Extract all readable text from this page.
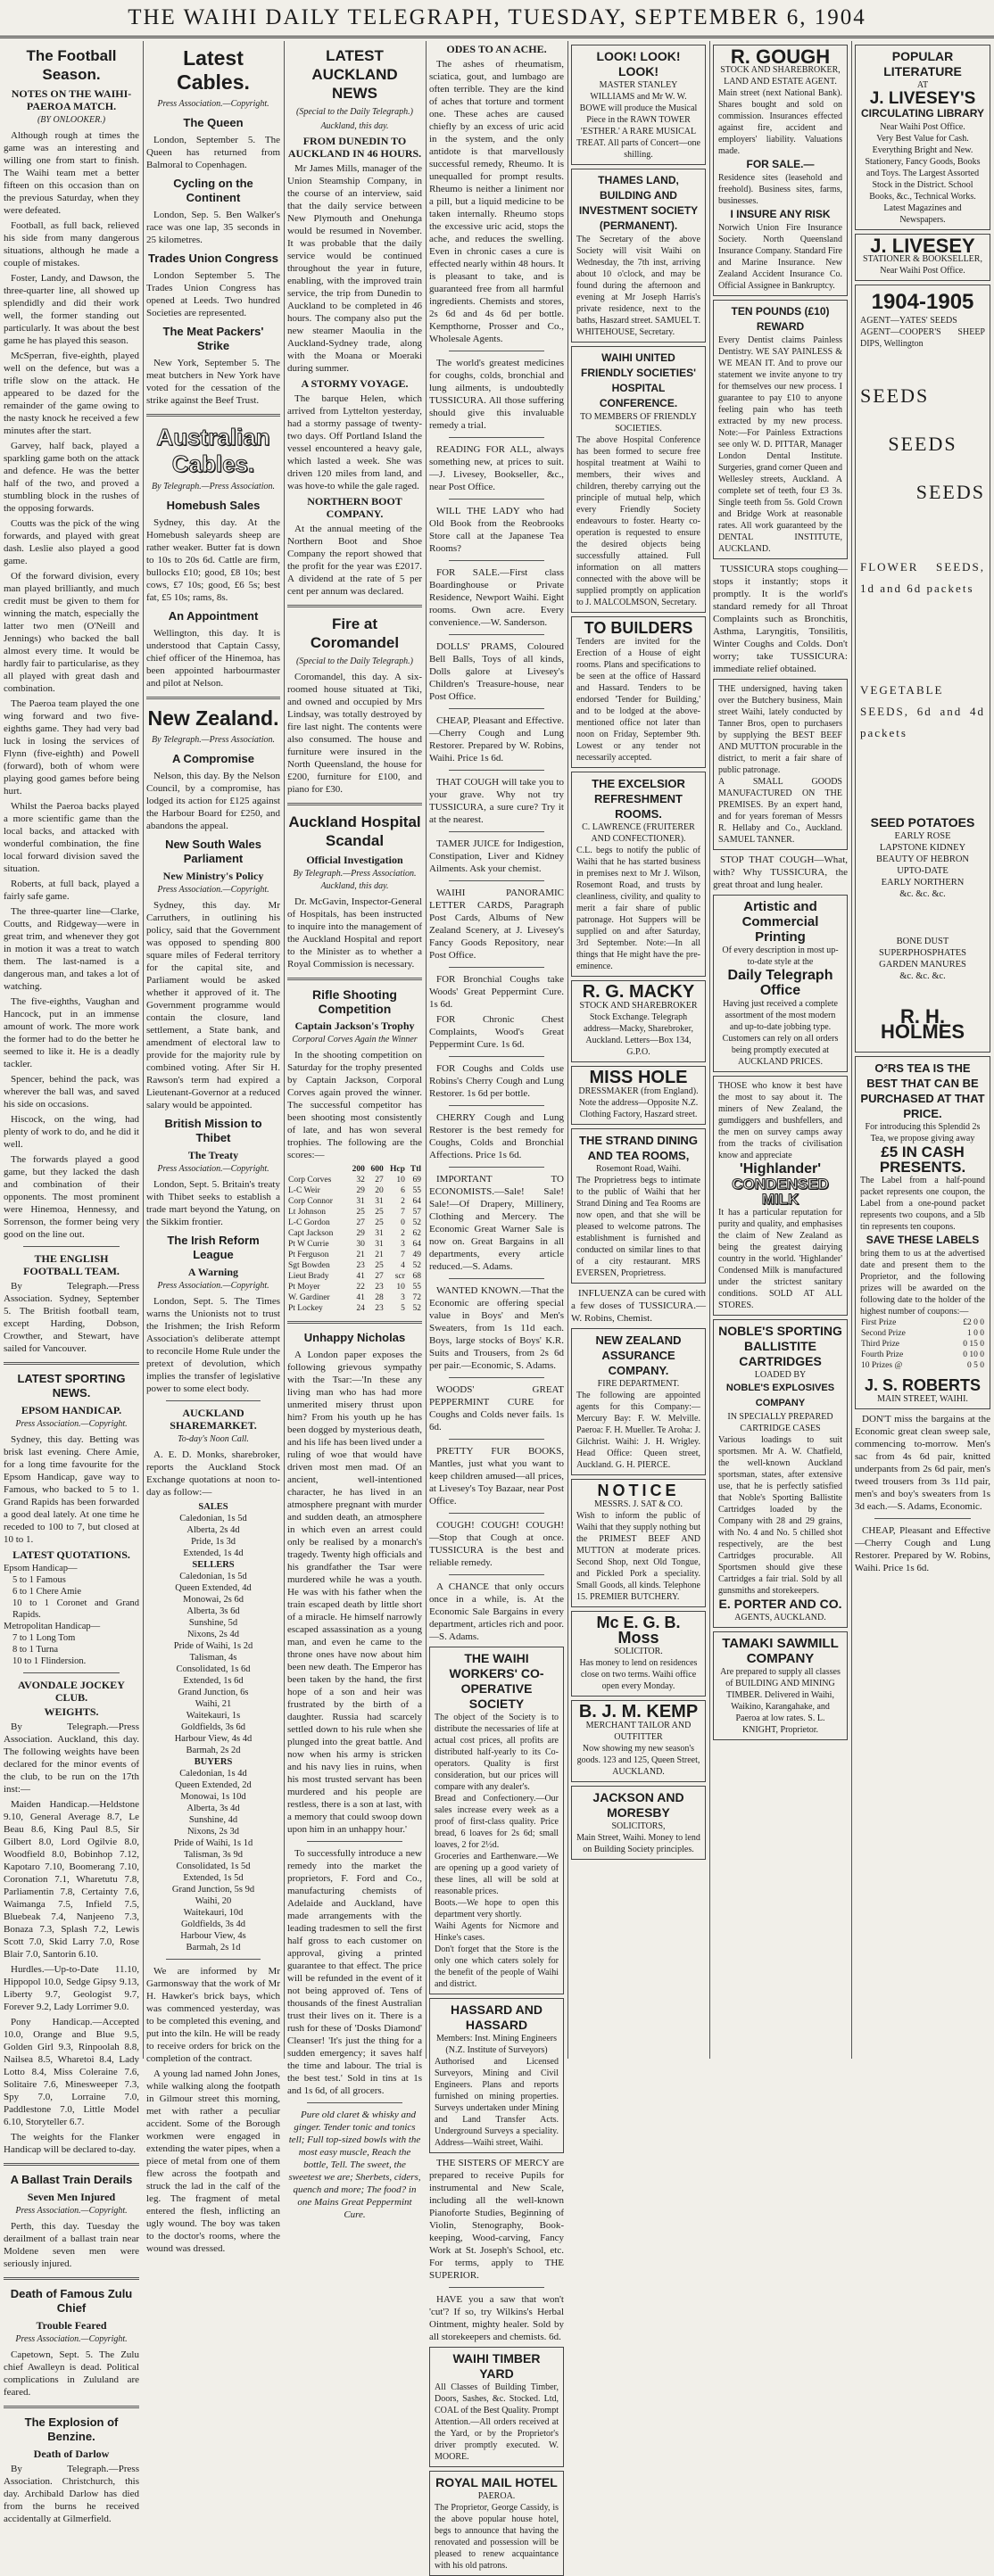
THE WAIHI DAILY TELEGRAPH, TUESDAY, SEPTEMBER 6, 1904
The Football Season.
NOTES ON THE WAIHI-PAEROA MATCH.
(BY ONLOOKER.)
Although rough at times the game was an interesting and willing one from start to finish. The Waihi team met a better fifteen on this occasion than on the previous Saturday, when they were defeated.
Football, as full back, relieved his side from many dangerous situations, although he made a couple of mistakes.
Foster, Landy, and Dawson, the three-quarter line, all showed up splendidly and did their work well, the former standing out particularly. It was about the best game he has played this season.
McSperran, five-eighth, played well on the defence, but was a trifle slow on the attack. He appeared to be dazed for the remainder of the game owing to the nasty knock he received a few minutes after the start.
Garvey, half back, played a sparkling game both on the attack and defence. He was the better half of the two, and proved a stumbling block in the rushes of the opposing forwards.
Coutts was the pick of the wing forwards, and played with great dash. Leslie also played a good game.
Of the forward division, every man played brilliantly, and much credit must be given to them for winning the match, especially the latter two men (O'Neill and Jennings) who backed the ball almost every time. It would be hardly fair to particularise, as they all played with great dash and combination.
The Paeroa team played the one wing forward and two five-eighths game. They had very bad luck in losing the services of Flynn (five-eighth) and Powell (forward), both of whom were playing good games before being hurt.
Whilst the Paeroa backs played a more scientific game than the local backs, and attacked with wonderful combination, the fine local forward division saved the situation.
Roberts, at full back, played a fairly safe game.
The three-quarter line—Clarke, Coutts, and Ridgeway—were in great trim, and whenever they got in motion it was a treat to watch them. The last-named is a dangerous man, and takes a lot of watching.
The five-eighths, Vaughan and Hancock, put in an immense amount of work. The more work the former had to do the better he seemed to like it. He is a deadly tackler.
Spencer, behind the pack, was wherever the ball was, and saved his side on occasions.
Hiscock, on the wing, had plenty of work to do, and he did it well.
The forwards played a good game, but they lacked the dash and combination of their opponents. The most prominent were Hinemoa, Hennessy, and Sorrenson, the former being very good on the line out.
THE ENGLISH FOOTBALL TEAM.
By Telegraph.—Press Association. Sydney, September 5. The British football team, except Harding, Dobson, Crowther, and Stewart, have sailed for Vancouver.
LATEST SPORTING NEWS.
EPSOM HANDICAP.
Press Association.—Copyright.
Sydney, this day. Betting was brisk last evening. Chere Amie, for a long time favourite for the Epsom Handicap, gave way to Famous, who backed to 5 to 1. Grand Rapids has been forwarded a good deal lately. At one time he receded to 100 to 7, but closed at 10 to 1.
LATEST QUOTATIONS.
Epsom Handicap—
5 to 1 Famous
6 to 1 Chere Amie
10 to 1 Coronet and Grand Rapids.
Metropolitan Handicap—
7 to 1 Long Tom
8 to 1 Turna
10 to 1 Flindersion.
AVONDALE JOCKEY CLUB.
WEIGHTS.
By Telegraph.—Press Association. Auckland, this day. The following weights have been declared for the minor events of the club, to be run on the 17th inst:—
Maiden Handicap.—Heldstone 9.10, General Average 8.7, Le Beau 8.6, King Paul 8.5, Sir Gilbert 8.0, Lord Ogilvie 8.0, Woodfield 8.0, Bobinhop 7.12, Kapotaro 7.10, Boomerang 7.10, Coronation 7.1, Wharetutu 7.8, Parliamentin 7.8, Certainty 7.6, Waimanga 7.5, Infield 7.5, Bluebeak 7.4, Nanjeeno 7.3, Bonaza 7.3, Splash 7.2, Lewis Scott 7.0, Skid Larry 7.0, Rose Blair 7.0, Santorin 6.10.
Hurdles.—Up-to-Date 11.10, Hippopol 10.0, Sedge Gipsy 9.13, Liberty 9.7, Geologist 9.7, Forever 9.2, Lady Lorrimer 9.0.
Pony Handicap.—Accepted 10.0, Orange and Blue 9.5, Golden Girl 9.3, Rinpoolah 8.8, Nailsea 8.5, Wharetoi 8.4, Lady Lotto 8.4, Miss Coleraine 7.6, Solitaire 7.6, Minesweeper 7.3, Spy 7.0, Lorraine 7.0, Paddlestone 7.0, Little Model 6.10, Storyteller 6.7.
The weights for the Flanker Handicap will be declared to-day.
A Ballast Train Derails
Seven Men Injured
Press Association.—Copyright.
Perth, this day. Tuesday the derailment of a ballast train near Moldene seven men were seriously injured.
Death of Famous Zulu Chief
Trouble Feared
Press Association.—Copyright.
Capetown, Sept. 5. The Zulu chief Awalleyn is dead. Political complications in Zululand are feared.
The Explosion of Benzine.
Death of Darlow
By Telegraph.—Press Association. Christchurch, this day. Archibald Darlow has died from the burns he received accidentally at Gilmerfield.
Latest Cables.
Press Association.—Copyright.
The Queen
London, September 5. The Queen has returned from Balmoral to Copenhagen.
Cycling on the Continent
London, Sep. 5. Ben Walker's race was one lap, 35 seconds in 25 kilometres.
Trades Union Congress
London September 5. The Trades Union Congress has opened at Leeds. Two hundred Societies are represented.
The Meat Packers' Strike
New York, September 5. The meat butchers in New York have voted for the cessation of the strike against the Beef Trust.
Australian Cables.
By Telegraph.—Press Association.
Homebush Sales
Sydney, this day. At the Homebush saleyards sheep are rather weaker. Butter fat is down to 10s to 20s 6d. Cattle are firm, bullocks £10; good, £8 10s; best cows, £7 10s; good, £6 5s; best fat, £5 10s; rams, 8s.
An Appointment
Wellington, this day. It is understood that Captain Cassy, chief officer of the Hinemoa, has been appointed harbourmaster and pilot at Nelson.
New Zealand.
By Telegraph.—Press Association.
A Compromise
Nelson, this day. By the Nelson Council, by a compromise, has lodged its action for £125 against the Harbour Board for £250, and abandons the appeal.
New South Wales Parliament
New Ministry's Policy
Press Association.—Copyright.
Sydney, this day. Mr Carruthers, in outlining his policy, said that the Government was opposed to spending 800 square miles of Federal territory for the capital site, and Parliament would be asked whether it approved of it. The Government programme would contain the closure, land settlement, a State bank, and amendment of electoral law to provide for the majority rule by combined voting. After Sir H. Rawson's term had expired a Lieutenant-Governor at a reduced salary would be appointed.
British Mission to Thibet
The Treaty
Press Association.—Copyright.
London, Sept. 5. Britain's treaty with Thibet seeks to establish a trade mart beyond the Yatung, on the Sikkim frontier.
The Irish Reform League
A Warning
Press Association.—Copyright.
London, Sept. 5. The Times warns the Unionists not to trust the Irishmen; the Irish Reform Association's deliberate attempt to reconcile Home Rule under the pretext of devolution, which implies the transfer of legislative power to some elect body.
AUCKLAND SHAREMARKET.
To-day's Noon Call.
A. E. D. Monks, sharebroker, reports the Auckland Stock Exchange quotations at noon to-day as follow:—
SALES
Caledonian, 1s 5d
Alberta, 2s 4d
Pride, 1s 3d
Extended, 1s 4d
SELLERS
Caledonian, 1s 5d
Queen Extended, 4d
Monowai, 2s 6d
Alberta, 3s 6d
Sunshine, 5d
Nixons, 2s 4d
Pride of Waihi, 1s 2d
Talisman, 4s
Consolidated, 1s 6d
Extended, 1s 6d
Grand Junction, 6s
Waihi, 21
Waitekauri, 1s
Goldfields, 3s 6d
Harbour View, 4s 4d
Barmah, 2s 2d
BUYERS
Caledonian, 1s 4d
Queen Extended, 2d
Monowai, 1s 10d
Alberta, 3s 4d
Sunshine, 4d
Nixons, 2s 3d
Pride of Waihi, 1s 1d
Talisman, 3s 9d
Consolidated, 1s 5d
Extended, 1s 5d
Grand Junction, 5s 9d
Waihi, 20
Waitekauri, 10d
Goldfields, 3s 4d
Harbour View, 4s
Barmah, 2s 1d
We are informed by Mr Garmonsway that the work of Mr H. Hawker's brick bays, which was commenced yesterday, was to be completed this evening, and put into the kiln. He will be ready to receive orders for brick on the completion of the contract.
A young lad named John Jones, while walking along the footpath in Gilmour street this morning, met with rather a peculiar accident. Some of the Borough workmen were engaged in extending the water pipes, when a piece of metal from one of them flew across the footpath and struck the lad in the calf of the leg. The fragment of metal entered the flesh, inflicting an ugly wound. The boy was taken to the doctor's rooms, where the wound was dressed.
LATEST AUCKLAND NEWS
(Special to the Daily Telegraph.)
Auckland, this day.
FROM DUNEDIN TO AUCKLAND IN 46 HOURS.
Mr James Mills, manager of the Union Steamship Company, in the course of an interview, said that the daily service between New Plymouth and Onehunga would be resumed in November. It was probable that the daily service would be continued throughout the year in future, enabling, with the improved train service, the trip from Dunedin to Auckland to be completed in 46 hours. The company also put the new steamer Maoulia in the Auckland-Sydney trade, along with the Moana or Moeraki during summer.
A STORMY VOYAGE.
The barque Helen, which arrived from Lyttelton yesterday, had a stormy passage of twenty-two days. Off Portland Island the vessel encountered a heavy gale, which lasted a week. She was driven 120 miles from land, and was hove-to while the gale raged.
NORTHERN BOOT COMPANY.
At the annual meeting of the Northern Boot and Shoe Company the report showed that the profit for the year was £2017. A dividend at the rate of 5 per cent per annum was declared.
Fire at Coromandel
(Special to the Daily Telegraph.)
Coromandel, this day. A six-roomed house situated at Tiki, and owned and occupied by Mrs Lindsay, was totally destroyed by fire last night. The contents were also consumed. The house and furniture were insured in the North Queensland, the house for £200, furniture for £100, and piano for £30.
Auckland Hospital Scandal
Official Investigation
By Telegraph.—Press Association. Auckland, this day.
Dr. McGavin, Inspector-General of Hospitals, has been instructed to inquire into the management of the Auckland Hospital and report to the Minister as to whether a Royal Commission is necessary.
Rifle Shooting Competition
Captain Jackson's Trophy
Corporal Corves Again the Winner
In the shooting competition on Saturday for the trophy presented by Captain Jackson, Corporal Corves again proved the winner. The successful competitor has been shooting most consistently of late, and has won several trophies. The following are the scores:—
	200	600	Hcp	Ttl
Corp Corves	32	27	10	69
L-C Weir	29	20	6	55
Corp Connor	31	31	2	64
Lt Johnson	25	25	7	57
L-C Gordon	27	25	0	52
Capt Jackson	29	31	2	62
Pt W Currie	30	31	3	64
Pt Ferguson	21	21	7	49
Sgt Bowden	23	25	4	52
Lieut Brady	41	27	scr	68
Pt Moyer	22	23	10	55
W. Gardiner	41	28	3	72
Pt Lockey	24	23	5	52
Unhappy Nicholas
A London paper exposes the following grievous sympathy with the Tsar:—'In these any living man who has had more unmerited misery thrust upon him? From his youth up he has been dogged by mysterious death, and his life has been lived under a ruling of woe that would have driven most men mad. Of an ancient, well-intentioned character, he has lived in an atmosphere pregnant with murder and sudden death, an atmosphere in which even an arrest could only be realised by a monarch's tragedy. Twenty high officials and his grandfather the Tsar were murdered while he was a youth. He was with his father when the train escaped death by little short of a miracle. He himself narrowly escaped assassination as a young man, and even he came to the throne ones have now about him been new death. The Emperor has been taken by the hand, the first hope of a son and heir was frustrated by the birth of a daughter. Russia had scarcely settled down to his rule when she plunged into the great battle. And now when his army is stricken and his navy lies in ruins, when his most trusted servant has been murdered and his people are restless, there is a son at last, with a memory that could swoop down upon him in an unhappy hour.'
To successfully introduce a new remedy into the market the proprietors, F. Ford and Co., manufacturing chemists of Adelaide and Auckland, have made arrangements with the leading tradesmen to sell the first half gross to each customer on approval, giving a printed guarantee to that effect. The price will be refunded in the event of it not being approved of. Tens of thousands of the finest Australian trust their lives on it. There is a rush for these of 'Dosks Diamond' Cleanser! 'It's just the thing for a sudden emergency; it saves half the time and labour. The trial is the best test.' Sold in tins at 1s and 1s 6d, of all grocers.
Pure old claret & whisky and ginger. Tender tonic and tonics tell; Full top-sized bowls with the most easy muscle, Reach the bottle, Tell. The sweet, the sweetest we are; Sherbets, ciders, quench and more; The food? in one Mains Great Peppermint Cure.
ODES TO AN ACHE.
The ashes of rheumatism, sciatica, gout, and lumbago are often terrible. They are the kind of aches that torture and torment one. These aches are caused chiefly by an excess of uric acid in the system, and the only antidote is that marvellously successful remedy, Rheumo. It is unequalled for prompt results. Rheumo is neither a liniment nor a pill, but a liquid medicine to be taken internally. Rheumo stops the excessive uric acid, stops the ache, and reduces the swelling. Even in chronic cases a cure is effected nearly within 48 hours. It is pleasant to take, and is guaranteed free from all harmful ingredients. Chemists and stores, 2s 6d and 4s 6d per bottle. Kempthorne, Prosser and Co., Wholesale Agents.
The world's greatest medicines for coughs, colds, bronchial and lung ailments, is undoubtedly TUSSICURA. All those suffering should give this invaluable remedy a trial.
READING FOR ALL, always something new, at prices to suit.—J. Livesey, Bookseller, &c., near Post Office.
WILL THE LADY who had Old Book from the Reobrooks Store call at the Japanese Tea Rooms?
FOR SALE.—First class Boardinghouse or Private Residence, Newport Waihi. Eight rooms. Own acre. Every convenience.—W. Sanderson.
DOLLS' PRAMS, Coloured Bell Balls, Toys of all kinds, Dolls galore at Livesey's Children's Treasure-house, near Post Office.
CHEAP, Pleasant and Effective.—Cherry Cough and Lung Restorer. Prepared by W. Robins, Waihi. Price 1s 6d.
THAT COUGH will take you to your grave. Why not try TUSSICURA, a sure cure? Try it at the nearest.
TAMER JUICE for Indigestion, Constipation, Liver and Kidney Ailments. Ask your chemist.
WAIHI PANORAMIC LETTER CARDS, Paragraph Post Cards, Albums of New Zealand Scenery, at J. Livesey's Fancy Goods Repository, near Post Office.
FOR Bronchial Coughs take Woods' Great Peppermint Cure. 1s 6d.
FOR Chronic Chest Complaints, Wood's Great Peppermint Cure. 1s 6d.
FOR Coughs and Colds use Robins's Cherry Cough and Lung Restorer. 1s 6d per bottle.
CHERRY Cough and Lung Restorer is the best remedy for Coughs, Colds and Bronchial Affections. Price 1s 6d.
IMPORTANT TO ECONOMISTS.—Sale! Sale! Sale!—Of Drapery, Millinery, Clothing and Mercery. The Economic Great Warner Sale is now on. Great Bargains in all departments, every article reduced.—S. Adams.
WANTED KNOWN.—That the Economic are offering special value in Boys' and Men's Sweaters, from 1s 11d each. Boys, large stocks of Boys' K.R. Suits and Trousers, from 2s 6d per pair.—Economic, S. Adams.
WOODS' GREAT PEPPERMINT CURE for Coughs and Colds never fails. 1s 6d.
PRETTY FUR BOOKS, Mantles, just what you want to keep children amused—all prices, at Livesey's Toy Bazaar, near Post Office.
COUGH! COUGH! COUGH!—Stop that Cough at once. TUSSICURA is the best and reliable remedy.
A CHANCE that only occurs once in a while, is. At the Economic Sale Bargains in every department, articles rich and poor.—S. Adams.
THE WAIHI WORKERS' CO-OPERATIVE SOCIETY
The object of the Society is to distribute the necessaries of life at actual cost prices, all profits are distributed half-yearly to its Co-operators. Quality is first consideration, but our prices will compare with any dealer's.
Bread and Confectionery.—Our sales increase every week as a proof of first-class quality. Price bread, 6 loaves for 2s 6d; small loaves, 2 for 2½d.
Groceries and Earthenware.—We are opening up a good variety of these lines, all will be sold at reasonable prices.
Boots.—We hope to open this department very shortly.
Waihi Agents for Nicmore and Hinke's cases.
Don't forget that the Store is the only one which caters solely for the benefit of the people of Waihi and district.
HASSARD AND HASSARD
Members: Inst. Mining Engineers (N.Z. Institute of Surveyors)
Authorised and Licensed Surveyors, Mining and Civil Engineers. Plans and reports furnished on mining properties. Surveys undertaken under Mining and Land Transfer Acts. Underground Surveys a speciality. Address—Waihi street, Waihi.
THE SISTERS OF MERCY are prepared to receive Pupils for instrumental and New Scale, including all the well-known Pianoforte Studies, Beginning of Violin, Stenography, Book-keeping, Wood-carving, Fancy Work at St. Joseph's School, etc. For terms, apply to THE SUPERIOR.
HAVE you a saw that won't 'cut'? If so, try Wilkins's Herbal Ointment, mighty healer. Sold by all storekeepers and chemists. 6d.
WAIHI TIMBER YARD
All Classes of Building Timber, Doors, Sashes, &c. Stocked. Ltd, COAL of the Best Quality. Prompt Attention.—All orders received at the Yard, or by the Proprietor's driver promptly executed. W. MOORE.
ROYAL MAIL HOTEL
PAEROA.
The Proprietor, George Cassidy, is the above popular house hotel, begs to announce that having the renovated and possession will be pleased to renew acquaintance with his old patrons.
LOOK! LOOK! LOOK!
MASTER STANLEY WILLIAMS and Mr W. W. BOWE will produce the Musical Piece in the RAWN TOWER 'ESTHER.' A RARE MUSICAL TREAT. All parts of Concert—one shilling.
THAMES LAND, BUILDING AND INVESTMENT SOCIETY (PERMANENT).
The Secretary of the above Society will visit Waihi on Wednesday, the 7th inst, arriving about 10 o'clock, and may be found during the afternoon and evening at Mr Joseph Harris's private residence, next to the baths, Haszard street. SAMUEL T. WHITEHOUSE, Secretary.
WAIHI UNITED FRIENDLY SOCIETIES' HOSPITAL CONFERENCE.
TO MEMBERS OF FRIENDLY SOCIETIES.
The above Hospital Conference has been formed to secure free hospital treatment at Waihi to members, their wives and children, thereby carrying out the principle of mutual help, which every Friendly Society endeavours to foster. Hearty co-operation is requested to ensure the desired objects being successfully attained. Full information on all matters connected with the above will be supplied promptly on application to J. MALCOLMSON, Secretary.
TO BUILDERS
Tenders are invited for the Erection of a House of eight rooms. Plans and specifications to be seen at the office of Hassard and Hassard. Tenders to be endorsed 'Tender for Building,' and to be lodged at the above-mentioned office not later than noon on Friday, September 9th. Lowest or any tender not necessarily accepted.
THE EXCELSIOR REFRESHMENT ROOMS.
C. LAWRENCE (FRUITERER AND CONFECTIONER).
C.L. begs to notify the public of Waihi that he has started business in premises next to Mr J. Wilson, Rosemont Road, and trusts by cleanliness, civility, and quality to merit a fair share of public patronage. Hot Suppers will be supplied on and after Saturday, 3rd September. Note:—In all things that He might have the pre-eminence.
R. G. MACKY
STOCK AND SHAREBROKER
Stock Exchange. Telegraph address—Macky, Sharebroker, Auckland. Letters—Box 134, G.P.O.
MISS HOLE
DRESSMAKER (from England).
Note the address—Opposite N.Z. Clothing Factory, Haszard street.
THE STRAND DINING AND TEA ROOMS,
Rosemont Road, Waihi.
The Proprietress begs to intimate to the public of Waihi that her Strand Dining and Tea Rooms are now open, and that she will be pleased to welcome patrons. The establishment is furnished and conducted on similar lines to that of a city restaurant. MRS EVERSEN, Proprietress.
INFLUENZA can be cured with a few doses of TUSSICURA.—W. Robins, Chemist.
NEW ZEALAND ASSURANCE COMPANY.
FIRE DEPARTMENT.
The following are appointed agents for this Company:— Mercury Bay: F. W. Melville. Paeroa: F. H. Mueller. Te Aroha: J. Gilchrist. Waihi: J. H. Wrigley. Head Office: Queen street, Auckland. G. H. PIERCE.
NOTICE
MESSRS. J. SAT & CO.
Wish to inform the public of Waihi that they supply nothing but the PRIMEST BEEF AND MUTTON at moderate prices. Second Shop, next Old Tongue, and Pickled Pork a speciality. Small Goods, all kinds. Telephone 15. PREMIER BUTCHERY.
Mc E. G. B. Moss
SOLICITOR.
Has money to lend on residences close on two terms. Waihi office open every Monday.
B. J. M. KEMP
MERCHANT TAILOR AND OUTFITTER
Now showing my new season's goods. 123 and 125, Queen Street, AUCKLAND.
JACKSON AND MORESBY
SOLICITORS,
Main Street, Waihi. Money to lend on Building Society principles.
R. GOUGH
STOCK AND SHAREBROKER, LAND AND ESTATE AGENT.
Main street (next National Bank). Shares bought and sold on commission. Insurances effected against fire, accident and employers' liability. Valuations made.
FOR SALE.—
Residence sites (leasehold and freehold). Business sites, farms, businesses.
I INSURE ANY RISK
Norwich Union Fire Insurance Society. North Queensland Insurance Company. Standard Fire and Marine Insurance. New Zealand Accident Insurance Co. Official Assignee in Bankruptcy.
TEN POUNDS (£10) REWARD
Every Dentist claims Painless Dentistry. WE SAY PAINLESS & WE MEAN IT. And to prove our statement we invite anyone to try for themselves our new process. I guarantee to pay £10 to anyone feeling pain who has teeth extracted by my new process. Note:—For Painless Extractions see only W. D. PITTAR, Manager London Dental Institute. Surgeries, grand corner Queen and Wellesley streets, Auckland. A complete set of teeth, four £3 3s. Single teeth from 5s. Gold Crown and Bridge Work at reasonable rates. All work guaranteed by the DENTAL INSTITUTE, AUCKLAND.
TUSSICURA stops coughing—stops it instantly; stops it promptly. It is the world's standard remedy for all Throat Complaints such as Bronchitis, Asthma, Laryngitis, Tonsilitis, Winter Coughs and Colds. Don't worry; take TUSSICURA: immediate relief obtained.
THE undersigned, having taken over the Butchery business, Main street Waihi, lately conducted by Tanner Bros, open to purchasers by supplying the BEST BEEF AND MUTTON procurable in the district, to merit a fair share of public patronage.
A SMALL GOODS MANUFACTURED ON THE PREMISES. By an expert hand, and for years foreman of Messrs R. Hellaby and Co., Auckland. SAMUEL TANNER.
STOP THAT COUGH—What, with? Why TUSSICURA, the great throat and lung healer.
Artistic and Commercial Printing
Of every description in most up-to-date style at the
Daily Telegraph Office
Having just received a complete assortment of the most modern and up-to-date jobbing type. Customers can rely on all orders being promptly executed at AUCKLAND PRICES.
THOSE who know it best have the most to say about it. The miners of New Zealand, the gumdiggers and bushfellers, and the men on survey camps away from the tracks of civilisation know and appreciate
'Highlander'
CONDENSED MILK
It has a particular reputation for purity and quality, and emphasises the claim of New Zealand as being the greatest dairying country in the world. 'Highlander' Condensed Milk is manufactured under the strictest sanitary conditions. SOLD AT ALL STORES.
NOBLE'S SPORTING BALLISTITE CARTRIDGES
LOADED BY
NOBLE'S EXPLOSIVES COMPANY
IN SPECIALLY PREPARED CARTRIDGE CASES
Various loadings to suit sportsmen. Mr A. W. Chatfield, the well-known Auckland sportsman, states, after extensive use, that he is perfectly satisfied that Noble's Sporting Ballistite Cartridges loaded by the Company with 28 and 29 grains, with No. 4 and No. 5 chilled shot respectively, are the best Cartridges procurable. All Sportsmen should give these Cartridges a fair trial. Sold by all gunsmiths and storekeepers.
E. PORTER AND CO.
AGENTS, AUCKLAND.
TAMAKI SAWMILL COMPANY
Are prepared to supply all classes of BUILDING AND MINING TIMBER. Delivered in Waihi, Waikino, Karangahake, and Paeroa at low rates. S. L. KNIGHT, Proprietor.
POPULAR LITERATURE
AT
J. LIVESEY'S
CIRCULATING LIBRARY
Near Waihi Post Office.
Very Best Value for Cash. Everything Bright and New. Stationery, Fancy Goods, Books and Toys. The Largest Assorted Stock in the District. School Books, &c., Technical Works. Latest Magazines and Newspapers.
J. LIVESEY
STATIONER & BOOKSELLER,
Near Waihi Post Office.
1904-1905
AGENT—YATES' SEEDS
AGENT—COOPER'S SHEEP DIPS, Wellington
SEEDS
SEEDS
SEEDS
FLOWER SEEDS, 1d and 6d packets
VEGETABLE SEEDS, 6d and 4d packets
SEED POTATOES
EARLY ROSE
LAPSTONE KIDNEY
BEAUTY OF HEBRON
UPTO-DATE
EARLY NORTHERN
&c. &c. &c.
BONE DUST
SUPERPHOSPHATES
GARDEN MANURES
&c. &c. &c.
R. H. HOLMES
O²RS TEA IS THE BEST THAT CAN BE PURCHASED AT THAT PRICE.
For introducing this Splendid 2s Tea, we propose giving away
£5 IN CASH PRESENTS.
The Label from a half-pound packet represents one coupon, the Label from a one-pound packet represents two coupons, and a 5lb tin represents ten coupons.
SAVE THESE LABELS
bring them to us at the advertised date and present them to the Proprietor, and the following prizes will be awarded on the following date to the holder of the highest number of coupons:—
First Prize	£2 0 0
Second Prize	1 0 0
Third Prize	0 15 0
Fourth Prize	0 10 0
10 Prizes @	0 5 0
J. S. ROBERTS
MAIN STREET, WAIHI.
DON'T miss the bargains at the Economic great clean sweep sale, commencing to-morrow. Men's sac from 4s 6d pair, knitted underpants from 2s 6d pair, men's tweed trousers from 3s 11d pair, men's and boy's sweaters from 1s 3d each.—S. Adams, Economic.
CHEAP, Pleasant and Effective—Cherry Cough and Lung Restorer. Prepared by W. Robins, Waihi. Price 1s 6d.
